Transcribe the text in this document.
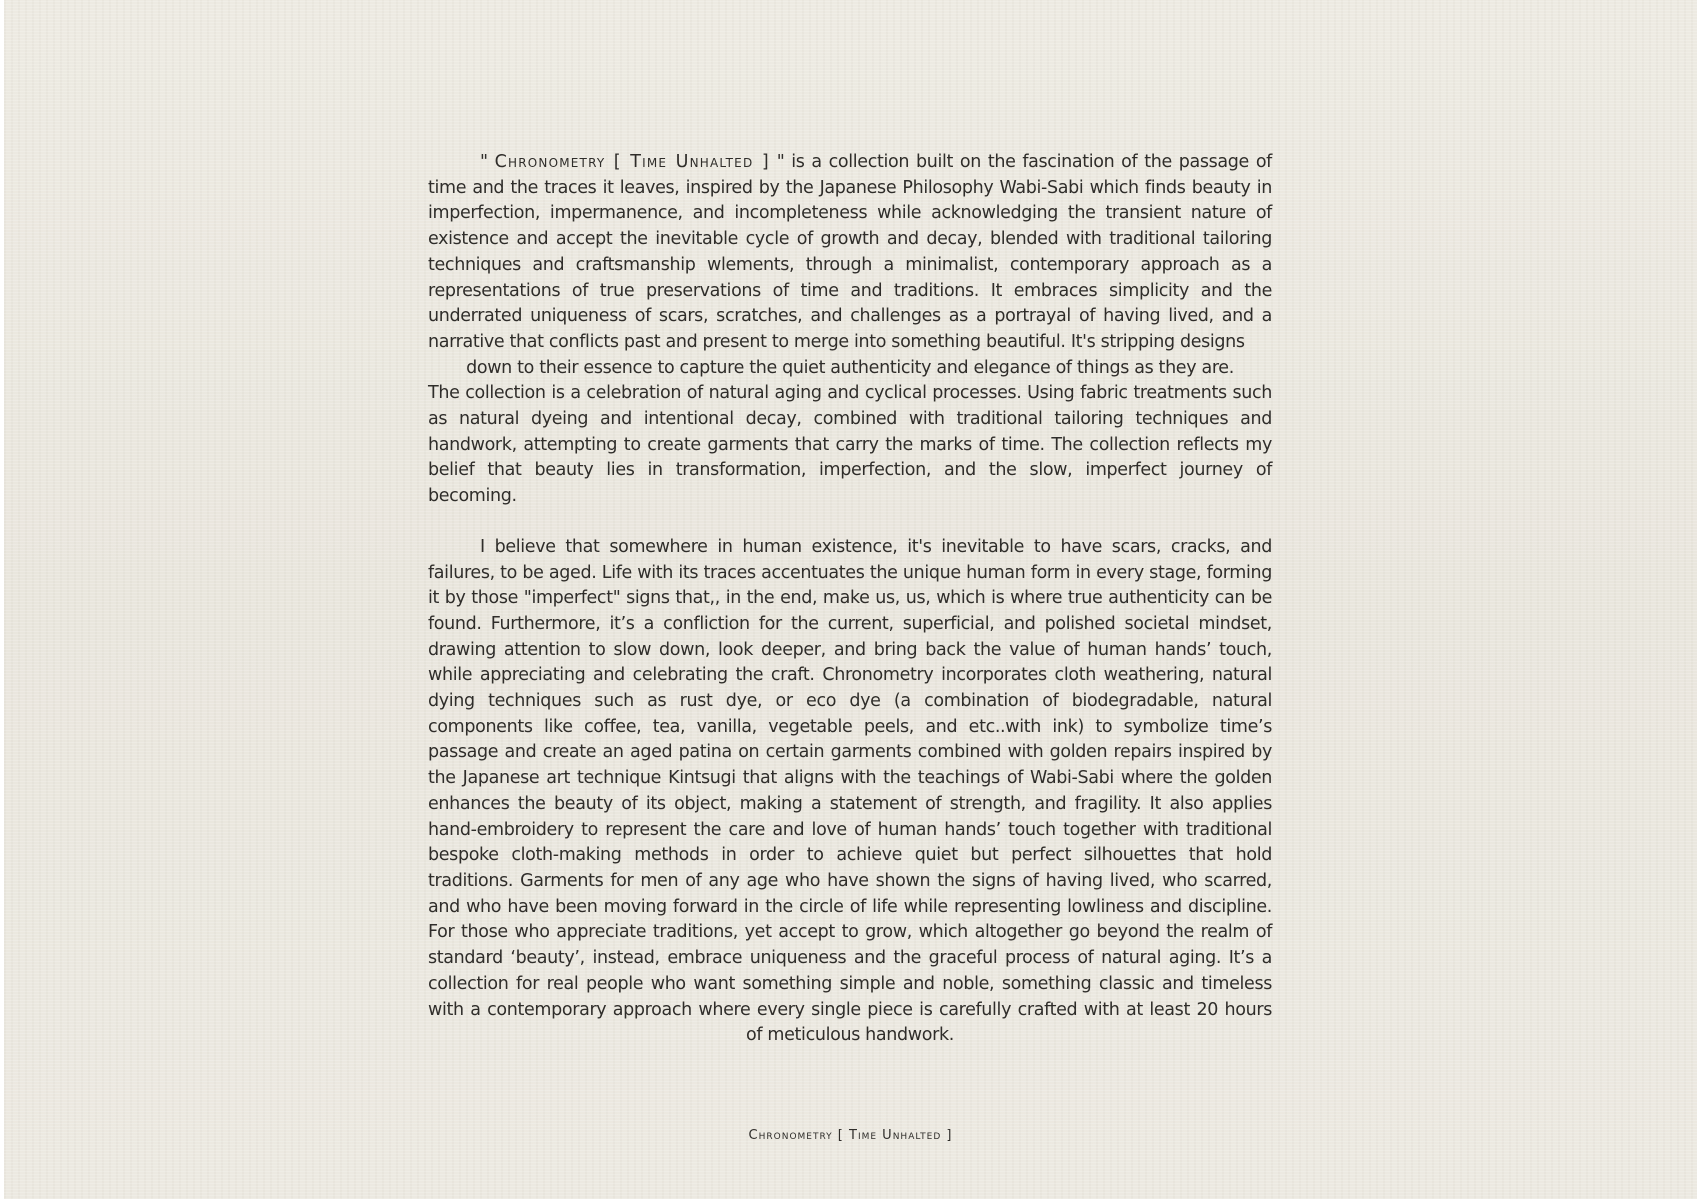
" Chronometry [ Time Unhalted ] " is a collection built on the fascination of the passage of time and the traces it leaves, inspired by the Japanese Philosophy Wabi-Sabi which finds beauty in imperfection, impermanence, and incompleteness while acknowledging the transient nature of existence and accept the inevitable cycle of growth and decay, blended with traditional tailoring techniques and craftsmanship wlements, through a minimalist, contemporary approach as a representations of true preservations of time and traditions. It embraces simplicity and the underrated uniqueness of scars, scratches, and challenges as a portrayal of having lived, and a narrative that conflicts past and present to merge into something beautiful. It's stripping designs

down to their essence to capture the quiet authenticity and elegance of things as they are.

The collection is a celebration of natural aging and cyclical processes. Using fabric treatments such as natural dyeing and intentional decay, combined with traditional tailoring techniques and handwork, attempting to create garments that carry the marks of time. The collection reflects my belief that beauty lies in transformation, imperfection, and the slow, imperfect journey of becoming.

I believe that somewhere in human existence, it's inevitable to have scars, cracks, and failures, to be aged. Life with its traces accentuates the unique human form in every stage, forming it by those "imperfect" signs that,, in the end, make us, us, which is where true authenticity can be found. Furthermore, it’s a confliction for the current, superficial, and polished societal mindset, drawing attention to slow down, look deeper, and bring back the value of human hands’ touch, while appreciating and celebrating the craft. Chronometry incorporates cloth weathering, natural dying techniques such as rust dye, or eco dye (a combination of biodegradable, natural components like coffee, tea, vanilla, vegetable peels, and etc..with ink) to symbolize time’s passage and create an aged patina on certain garments combined with golden repairs inspired by the Japanese art technique Kintsugi that aligns with the teachings of Wabi-Sabi where the golden enhances the beauty of its object, making a statement of strength, and fragility. It also applies hand-embroidery to represent the care and love of human hands’ touch together with traditional bespoke cloth-making methods in order to achieve quiet but perfect silhouettes that hold traditions. Garments for men of any age who have shown the signs of having lived, who scarred, and who have been moving forward in the circle of life while representing lowliness and discipline. For those who appreciate traditions, yet accept to grow, which altogether go beyond the realm of standard ‘beauty’, instead, embrace uniqueness and the graceful process of natural aging. It’s a collection for real people who want something simple and noble, something classic and timeless with a contemporary approach where every single piece is carefully crafted with at least 20 hours of meticulous handwork.

Chronometry [ Time Unhalted ]
